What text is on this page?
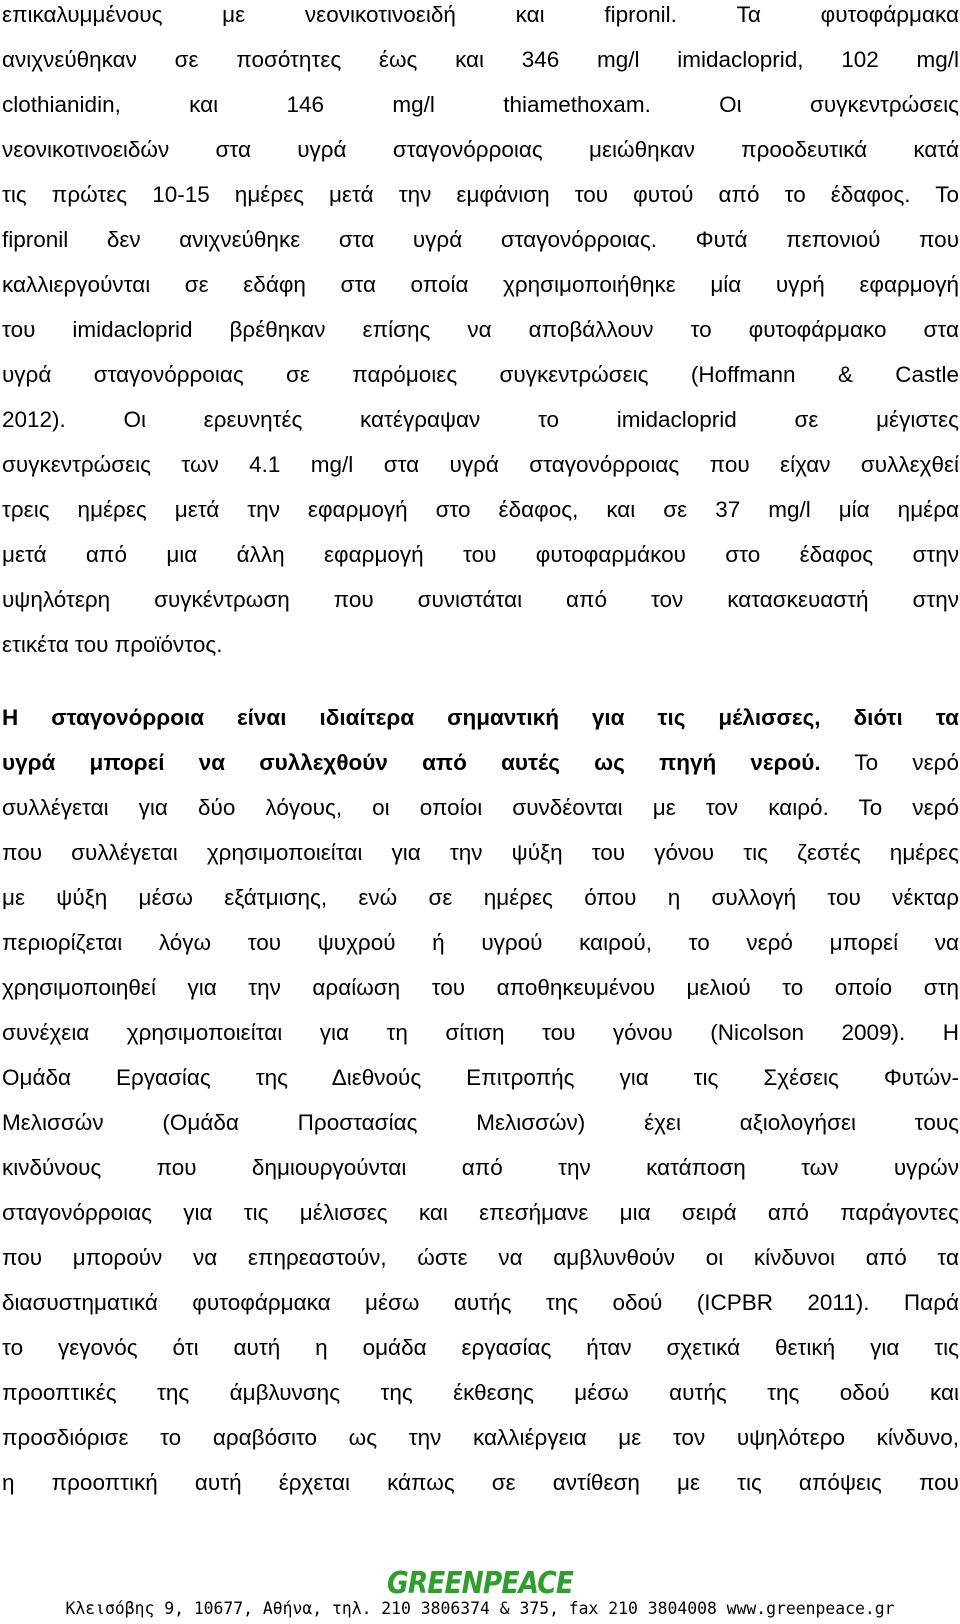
επικαλυμμένους με νεονικοτινοειδή και fipronil. Τα φυτοφάρμακα
ανιχνεύθηκαν σε ποσότητες έως και 346 mg/l imidacloprid, 102 mg/l
clothianidin, και 146 mg/l thiamethoxam. Οι συγκεντρώσεις
νεονικοτινοειδών στα υγρά σταγονόρροιας μειώθηκαν προοδευτικά κατά
τις πρώτες 10-15 ημέρες μετά την εμφάνιση του φυτού από το έδαφος. Το
fipronil δεν ανιχνεύθηκε στα υγρά σταγονόρροιας. Φυτά πεπονιού που
καλλιεργούνται σε εδάφη στα οποία χρησιμοποιήθηκε μία υγρή εφαρμογή
του imidacloprid βρέθηκαν επίσης να αποβάλλουν το φυτοφάρμακο στα
υγρά σταγονόρροιας σε παρόμοιες συγκεντρώσεις (Hoffmann & Castle
2012). Οι ερευνητές κατέγραψαν το imidacloprid σε μέγιστες
συγκεντρώσεις των 4.1 mg/l στα υγρά σταγονόρροιας που είχαν συλλεχθεί
τρεις ημέρες μετά την εφαρμογή στο έδαφος, και σε 37 mg/l μία ημέρα
μετά από μια άλλη εφαρμογή του φυτοφαρμάκου στο έδαφος στην
υψηλότερη συγκέντρωση που συνιστάται από τον κατασκευαστή στην
ετικέτα του προϊόντος.
Η σταγονόρροια είναι ιδιαίτερα σημαντική για τις μέλισσες, διότι τα
υγρά μπορεί να συλλεχθούν από αυτές ως πηγή νερού. Το νερό
συλλέγεται για δύο λόγους, οι οποίοι συνδέονται με τον καιρό. Το νερό
που συλλέγεται χρησιμοποιείται για την ψύξη του γόνου τις ζεστές ημέρες
με ψύξη μέσω εξάτμισης, ενώ σε ημέρες όπου η συλλογή του νέκταρ
περιορίζεται λόγω του ψυχρού ή υγρού καιρού, το νερό μπορεί να
χρησιμοποιηθεί για την αραίωση του αποθηκευμένου μελιού το οποίο στη
συνέχεια χρησιμοποιείται για τη σίτιση του γόνου (Nicolson 2009). Η
Ομάδα Εργασίας της Διεθνούς Επιτροπής για τις Σχέσεις Φυτών-
Μελισσών (Ομάδα Προστασίας Μελισσών) έχει αξιολογήσει τους
κινδύνους που δημιουργούνται από την κατάποση των υγρών
σταγονόρροιας για τις μέλισσες και επεσήμανε μια σειρά από παράγοντες
που μπορούν να επηρεαστούν, ώστε να αμβλυνθούν οι κίνδυνοι από τα
διασυστηματικά φυτοφάρμακα μέσω αυτής της οδού (ICPBR 2011). Παρά
το γεγονός ότι αυτή η ομάδα εργασίας ήταν σχετικά θετική για τις
προοπτικές της άμβλυνσης της έκθεσης μέσω αυτής της οδού και
προσδιόρισε το αραβόσιτο ως την καλλιέργεια με τον υψηλότερο κίνδυνο,
η προοπτική αυτή έρχεται κάπως σε αντίθεση με τις απόψεις που
GREENPEACE
Κλεισόβης 9, 10677, Αθήνα, τηλ. 210 3806374 & 375, fax 210 3804008 www.greenpeace.gr
